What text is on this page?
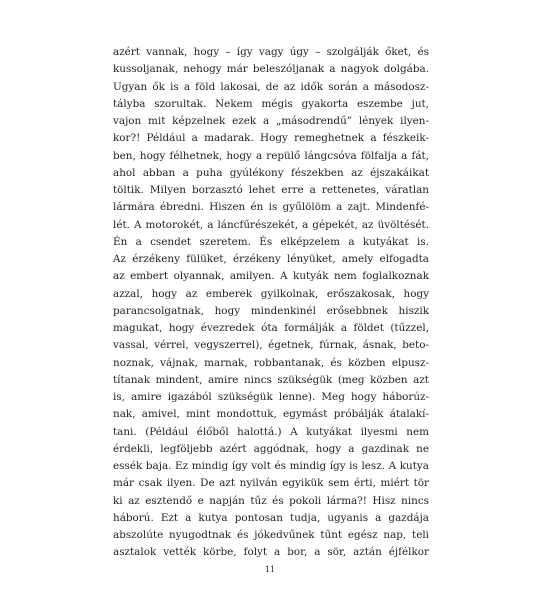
azért vannak, hogy – így vagy úgy – szolgálják őket, és
kussoljanak, nehogy már beleszóljanak a nagyok dolgába.
Ugyan ők is a föld lakosai, de az idők során a másodosz-
tályba szorultak. Nekem mégis gyakorta eszembe jut,
vajon mit képzelnek ezek a „másodrendű” lények ilyen-
kor?! Például a madarak. Hogy remeghetnek a fészkeik-
ben, hogy félhetnek, hogy a repülő lángcsóva fölfalja a fát,
ahol abban a puha gyúlékony fészekben az éjszakáikat
töltik. Milyen borzasztó lehet erre a rettenetes, váratlan
lármára ébredni. Hiszen én is gyűlölöm a zajt. Mindenfé-
lét. A motorokét, a láncfűrészekét, a gépekét, az üvöltését.
Én a csendet szeretem. És elképzelem a kutyákat is.
Az érzékeny fülüket, érzékeny lényüket, amely elfogadta
az embert olyannak, amilyen. A kutyák nem foglalkoznak
azzal, hogy az emberek gyilkolnak, erőszakosak, hogy
parancsolgatnak, hogy mindenkinél erősebbnek hiszik
magukat, hogy évezredek óta formálják a földet (tűzzel,
vassal, vérrel, vegyszerrel), égetnek, fúrnak, ásnak, beto-
noznak, vájnak, marnak, robbantanak, és közben elpusz-
títanak mindent, amire nincs szükségük (meg közben azt
is, amire igazából szükségük lenne). Meg hogy háborúz-
nak, amivel, mint mondottuk, egymást próbálják átalakí-
tani. (Például élőből halottá.) A kutyákat ilyesmi nem
érdekli, legföljebb azért aggódnak, hogy a gazdinak ne
essék baja. Ez mindig így volt és mindig így is lesz. A kutya
már csak ilyen. De azt nyilván egyikük sem érti, miért tör
ki az esztendő e napján tűz és pokoli lárma?! Hisz nincs
háború. Ezt a kutya pontosan tudja, ugyanis a gazdája
abszolúte nyugodtnak és jókedvűnek tűnt egész nap, teli
asztalok vették körbe, folyt a bor, a sör, aztán éjfélkor
11
